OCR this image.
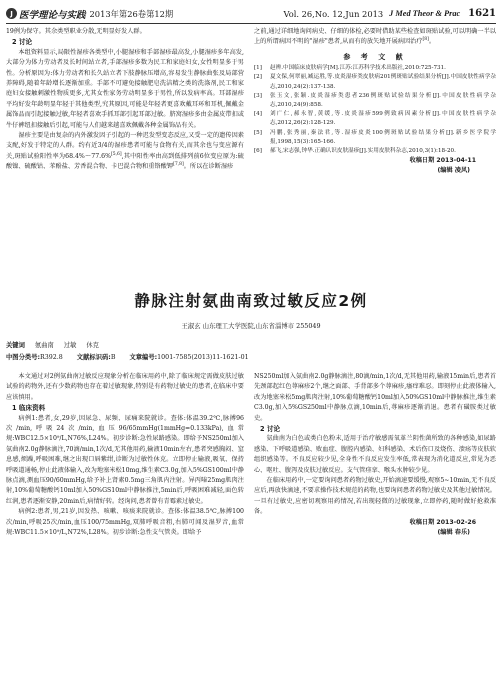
J 医学理论与实践 2013年第26卷第12期	Vol. 26,No. 12,Jun 2013 J Med Theor & Prac 1621

19例为保守。其余类型职业分散,无明显好发人群。

2 讨论

本组资料显示,局限性湿疹各类型中,小腿湿疹和手部湿疹最高发,小腿湿疹多年高发,大部分为体力劳动者及长时间站立者,手部湿疹多数为民工和家庭妇女,女性明显多于男性。分析原因为:体力劳动者和长久站立者下肢静脉压增高,容易发生静脉曲张及局部营养障碍,随着年龄增长逐渐加重。手部不可避免接触肥皂洗洁精之类的洗涤剂,民工和家庭妇女接触刺激性物质更多,尤其女性家务劳动明显多于男性,所以发病率高。耳部湿疹平均好发年龄明显年轻于其他类型,究其原因,可能是年轻者更喜欢戴耳环和耳机,佩戴金属饰品而引起接触过敏,年轻者喜欢手抓耳部引起耳部过敏。脐窝湿疹多由金属皮带扣或牛仔裤纽扣接触后引起,可能与人们越来越喜欢佩戴各种金属饰品有关。

湿疹主要是由复杂的内外激发因子引起的一种迟发型变态反应,又受一定的遗传因素支配,好发于特定的人群。约有近3/4的湿疹患者可能与食物有关,而其余也与变应源有关,斑贴试验阳性率为68.4%～77.6%[5,6],其中阳性率由高到低排列前6位变应原为:硫酸镍、硫酸钴、苯酚盐、芳香混合物、卡巴混合物和重铬酸钾[7,8]。所以在诊断湿疹

之前,通过详细地询问病史、仔细的体检,必要时借助某些检查如斑贴试验,可以明确一半以上的所谓病因不明的"湿疹"患者,从而有的放矢地开展病因治疗[8]。

参 考 文 献
[1]	赵辨.中国临床皮肤病学[M].江苏:江苏科学技术出版社,2010:725-731.
[2]	夏文保,何翠丽,臧运胜,等.皮炎湿疹类皮肤病201例斑贴试验结果分析[J].中国皮肤性病学杂志,2010,24(2):137-138.
[3]	张玉文,张颖.皮炎湿疹类患者236例斑贴试验结果分析[J].中国皮肤性病学杂志,2010,24(9):858.
[4]	刘广仁,郝永智,黄缓,等.皮炎湿疹599例致病因素分析[J].中国皮肤性病学杂志,2012,26(2):128-129.
[5]	冯鹏,张秀丽,秦法君,等.湿疹皮炎100例斑贴试验结果分析[J].新乡医学院学报,1998,15(3):165-166.
[6]	郝飞,宋志强,钟华.正确认识皮肤湿疹[J].实用皮肤科杂志,2010,3(1):18-20.
收稿日期 2013-04-11
(编辑 凌风)
静脉注射氨曲南致过敏反应2例
王淑玄 山东理工大学医院,山东省淄博市 255049
关键词 氨曲南 过敏 休克
中图分类号:R392.8 文献标识码:B 文章编号:1001-7585(2013)11-1621-01

本文通过对2例氨曲南过敏反应现象分析在临床用药中,除了临床规定需做皮肤过敏试验的药物外,还有少数药物也存在着过敏现象,特别是有药物过敏史的患者,在临床中要应该慎用。

1 临床资料

病例1:患者,女,29岁,因尿急、尿频、尿痛来院就诊。查体:体温39.2℃,脉搏96次/min,呼吸24次/min,血压96/65mmHg(1mmHg=0.133kPa),血常规:WBC12.5×10⁹/L,N76%,L24%。初步诊断:急性尿路感染。即给予NS250ml加入氨曲南2.0g静脉滴注,70滴/min,1次/d,无其他用药,输液10min左右,患者突感胸闷、窒息感,烦躁,呼吸困难,继之出现口唇紫绀,诊断为过敏性休克。立即停止输液,吸氧、保持呼吸道通畅,停止此液体输入,改为地塞米松10mg,维生素C3.0g,加入5%GS100ml中静脉点滴,测血压90/60mmHg,给予补上肾素0.5mg三角肌内注射。异丙嗪25mg肌肉注射,10%葡萄糖酸钙10ml加入50%GS10ml中静脉推注,5min后,呼吸困难减轻,面色转红润,患者逐渐安静,20min后,病情好转。经询问,患者曾有青霉素过敏史。

病例2:患者,男,21岁,因发热、咳嗽、咳痰来院就诊。查体:体温38.5℃,脉搏100次/min,呼吸25次/min,血压100/75mmHg,双肺呼吸音粗,右肺可闻及湿罗音,血常规:WBC11.5×10⁹/L,N72%,L28%。初步诊断:急性支气管炎。即给予

NS250ml加入氨曲南2.0g静脉滴注,80滴/min,1次/d,无其他用药,输液15min后,患者首先颈部起红色荨麻疹2个,继之面部、手背部多个荨麻疹,瘙痒难忍。即刻停止此液体输入,改为地塞米松5mg肌肉注射,10%葡萄糖酸钙10ml加入50%GS10ml中静脉推注,维生素C3.0g,加入5%GS250ml中静脉点滴,10min后,荨麻疹逐渐消退。患者有磺胺类过敏史。

2 讨论

氨曲南为白色或类白色粉末,适用于治疗敏感需氧革兰阴性菌所致的各种感染,如尿路感染、下呼吸道感染、败血症、腹腔内感染、妇科感染、术后伤口及烧伤、溃疡等皮肤软组织感染等。不良反应较少见,全身性不良反应发生率低,常表现为消化道反应,常见为恶心、呕吐、腹泻及皮肤过敏反应。支气管痉挛、喉头水肿较少见。

在临床用药中,一定要询问患者药物过敏史,开始滴速要缓慢,观察5~10min,无不良反应后,再放快滴速,不要求操作技术规范的药物,也要询问患者药物过敏史及其他过敏情况。一旦有过敏史,应密切观察用药情况,若出现轻微的过敏现象,立即停药,随时做好抢救准备。

收稿日期 2013-02-26
(编辑 春乐)
